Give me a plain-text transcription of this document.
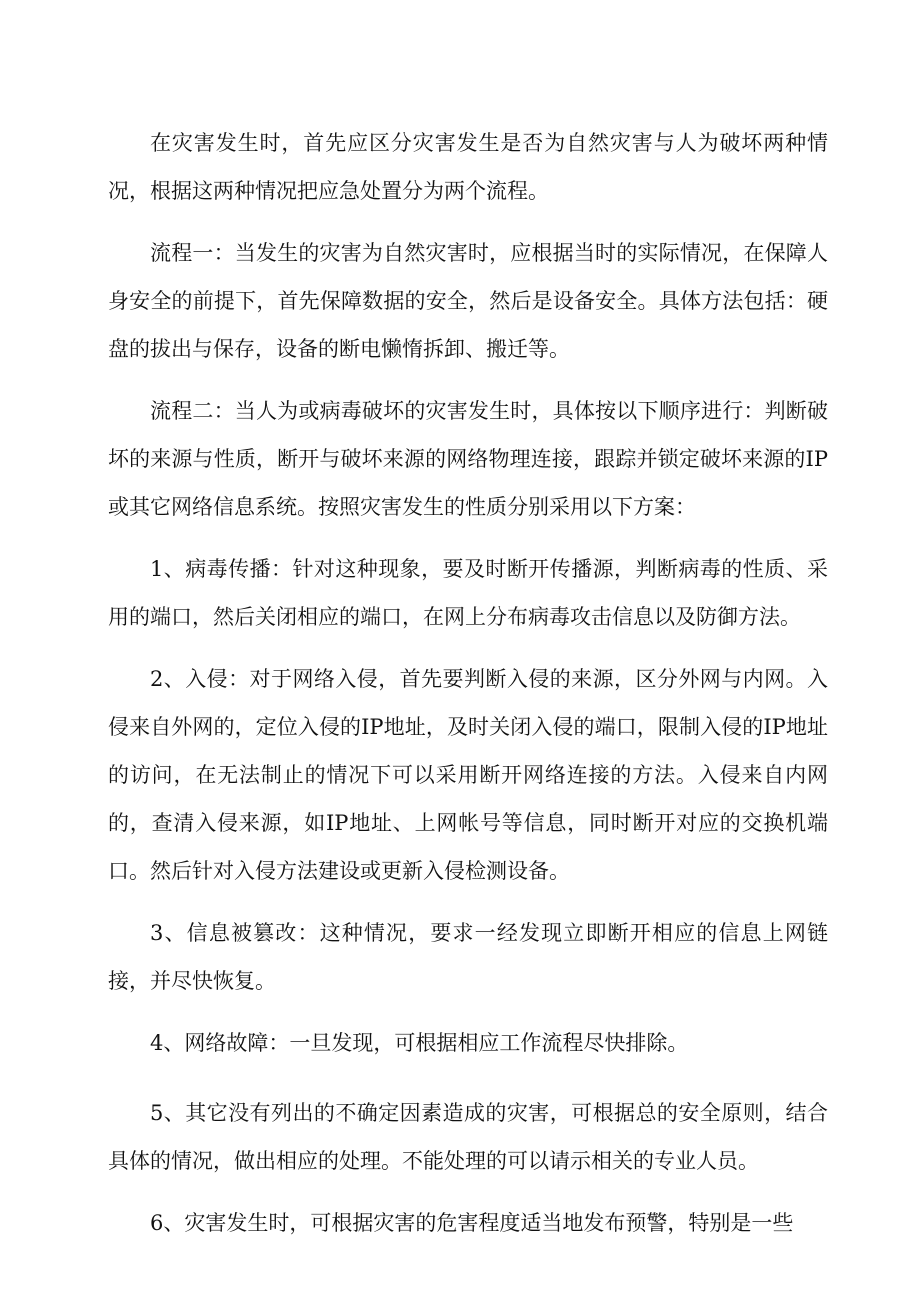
在灾害发生时，首先应区分灾害发生是否为自然灾害与人为破坏两种情况，根据这两种情况把应急处置分为两个流程。

流程一：当发生的灾害为自然灾害时，应根据当时的实际情况，在保障人身安全的前提下，首先保障数据的安全，然后是设备安全。具体方法包括：硬盘的拔出与保存，设备的断电懒惰拆卸、搬迁等。

流程二：当人为或病毒破坏的灾害发生时，具体按以下顺序进行：判断破坏的来源与性质，断开与破坏来源的网络物理连接，跟踪并锁定破坏来源的IP或其它网络信息系统。按照灾害发生的性质分别采用以下方案：

1、病毒传播：针对这种现象，要及时断开传播源，判断病毒的性质、采用的端口，然后关闭相应的端口，在网上分布病毒攻击信息以及防御方法。

2、入侵：对于网络入侵，首先要判断入侵的来源，区分外网与内网。入侵来自外网的，定位入侵的IP地址，及时关闭入侵的端口，限制入侵的IP地址的访问，在无法制止的情况下可以采用断开网络连接的方法。入侵来自内网的，查清入侵来源，如IP地址、上网帐号等信息，同时断开对应的交换机端口。然后针对入侵方法建设或更新入侵检测设备。

3、信息被篡改：这种情况，要求一经发现立即断开相应的信息上网链接，并尽快恢复。

4、网络故障：一旦发现，可根据相应工作流程尽快排除。

5、其它没有列出的不确定因素造成的灾害，可根据总的安全原则，结合具体的情况，做出相应的处理。不能处理的可以请示相关的专业人员。

6、灾害发生时，可根据灾害的危害程度适当地发布预警，特别是一些
